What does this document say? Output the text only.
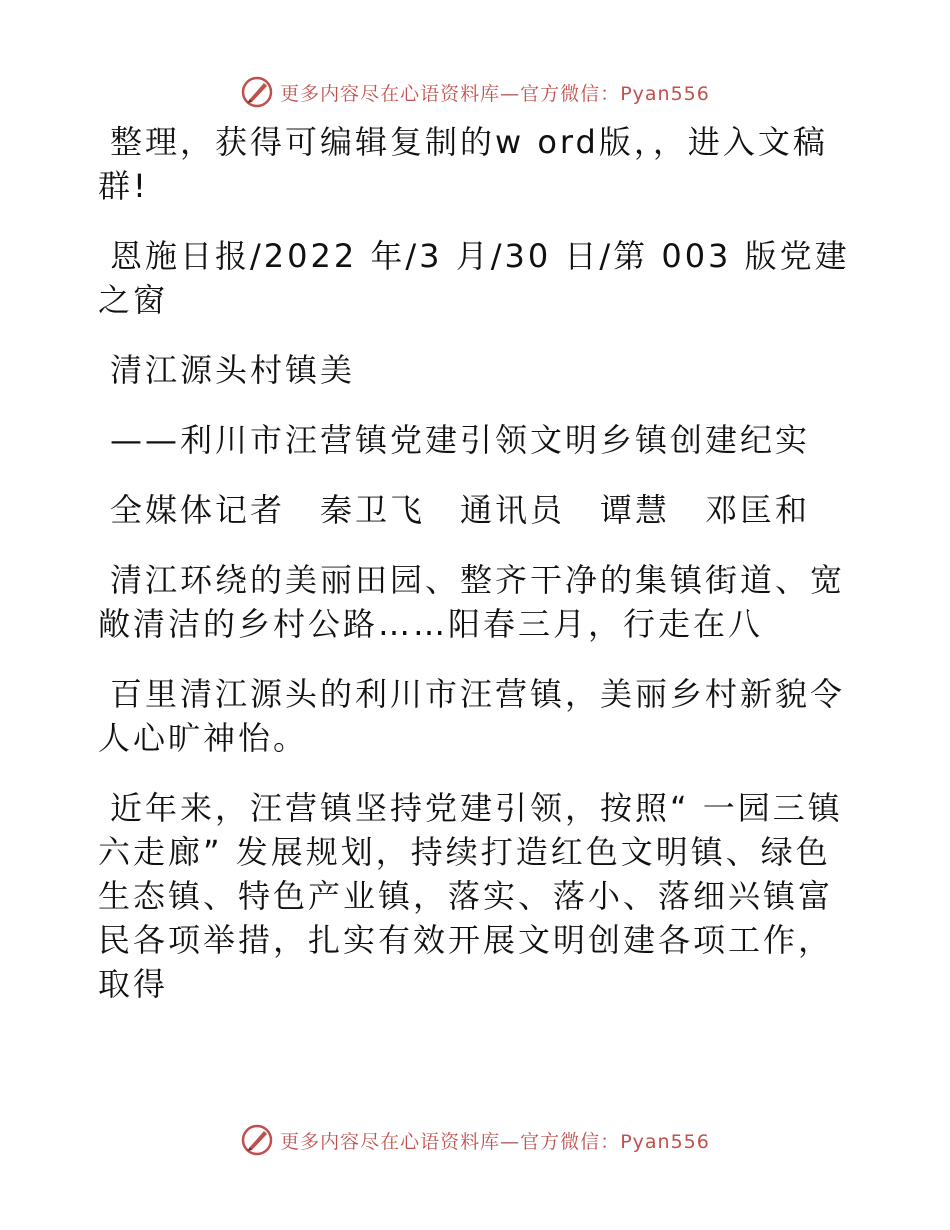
更多内容尽在心语资料库—官方微信：Pyan556

整理，获得可编辑复制的w ord版，，进入文稿群!

恩施日报/2022 年/3 月/30 日/第 003 版党建之窗

清江源头村镇美

——利川市汪营镇党建引领文明乡镇创建纪实

全媒体记者　秦卫飞　通讯员　谭慧　邓匡和

清江环绕的美丽田园、整齐干净的集镇街道、宽敞清洁的乡村公路……阳春三月，行走在八

百里清江源头的利川市汪营镇，美丽乡村新貌令人心旷神怡。

近年来，汪营镇坚持党建引领，按照“ 一园三镇六走廊” 发展规划，持续打造红色文明镇、绿色生态镇、特色产业镇，落实、落小、落细兴镇富民各项举措，扎实有效开展文明创建各项工作，取得

更多内容尽在心语资料库—官方微信：Pyan556
